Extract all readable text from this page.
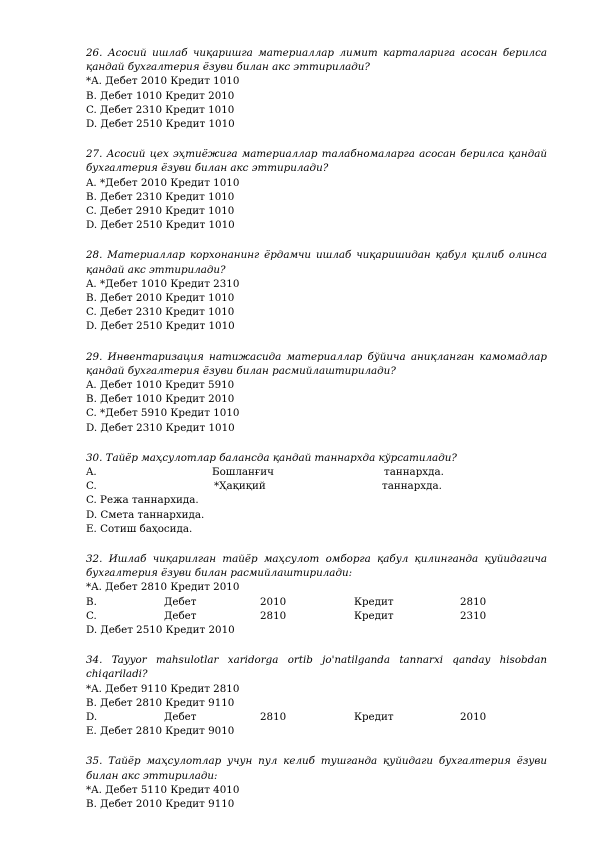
26. Асосий ишлаб чиқаришга материаллар лимит карталарига асосан берилса қандай бухгалтерия ёзуви билан акс эттирилади?
*A. Дебет 2010 Кредит 1010
B. Дебет 1010 Кредит 2010
C. Дебет 2310 Кредит 1010
D. Дебет 2510 Кредит 1010
27. Асосий цех эҳтиёжига материаллар талабномаларга асосан берилса қандай бухгалтерия ёзуви билан акс эттирилади?
A. *Дебет 2010 Кредит 1010
B. Дебет 2310 Кредит 1010
C. Дебет 2910 Кредит 1010
D. Дебет 2510 Кредит 1010
28. Материаллар корхонанинг ёрдамчи ишлаб чиқаришидан қабул қилиб олинса қандай акс эттирилади?
A. *Дебет 1010 Кредит 2310
B. Дебет 2010 Кредит 1010
C. Дебет 2310 Кредит 1010
D. Дебет 2510 Кредит 1010
29. Инвентаризация натижасида материаллар бўйича аниқланган камомадлар қандай бухгалтерия ёзуви билан расмийлаштирилади?
A. Дебет 1010 Кредит 5910
B. Дебет 1010 Кредит 2010
C. *Дебет 5910 Кредит 1010
D. Дебет 2310 Кредит 1010
30. Тайёр маҳсулотлар балансда қандай таннархда кўрсатилади?
A.	Бошланғич	таннархда.
C.	*Ҳақиқий	таннархда.
C. Режа таннархида.
D. Смета таннархида.
E. Сотиш баҳосида.
32. Ишлаб чиқарилган тайёр маҳсулот омборга қабул қилинганда қуйидагича бухгалтерия ёзуви билан расмийлаштирилади:
*A. Дебет 2810 Кредит 2010
B.	Дебет	2010	Кредит	2810
C.	Дебет	2810	Кредит	2310
D. Дебет 2510 Кредит 2010
34. Tayyor mahsulotlar xaridorga ortib jo'natilganda tannarxi qanday hisobdan chiqariladi?
*A. Дебет 9110 Кредит 2810
B. Дебет 2810 Кредит 9110
D.	Дебет	2810	Кредит	2010
E. Дебет 2810 Кредит 9010
35. Тайёр маҳсулотлар учун пул келиб тушганда қуйидаги бухгалтерия ёзуви билан акс эттирилади:
*A. Дебет 5110 Кредит 4010
B. Дебет 2010 Кредит 9110
